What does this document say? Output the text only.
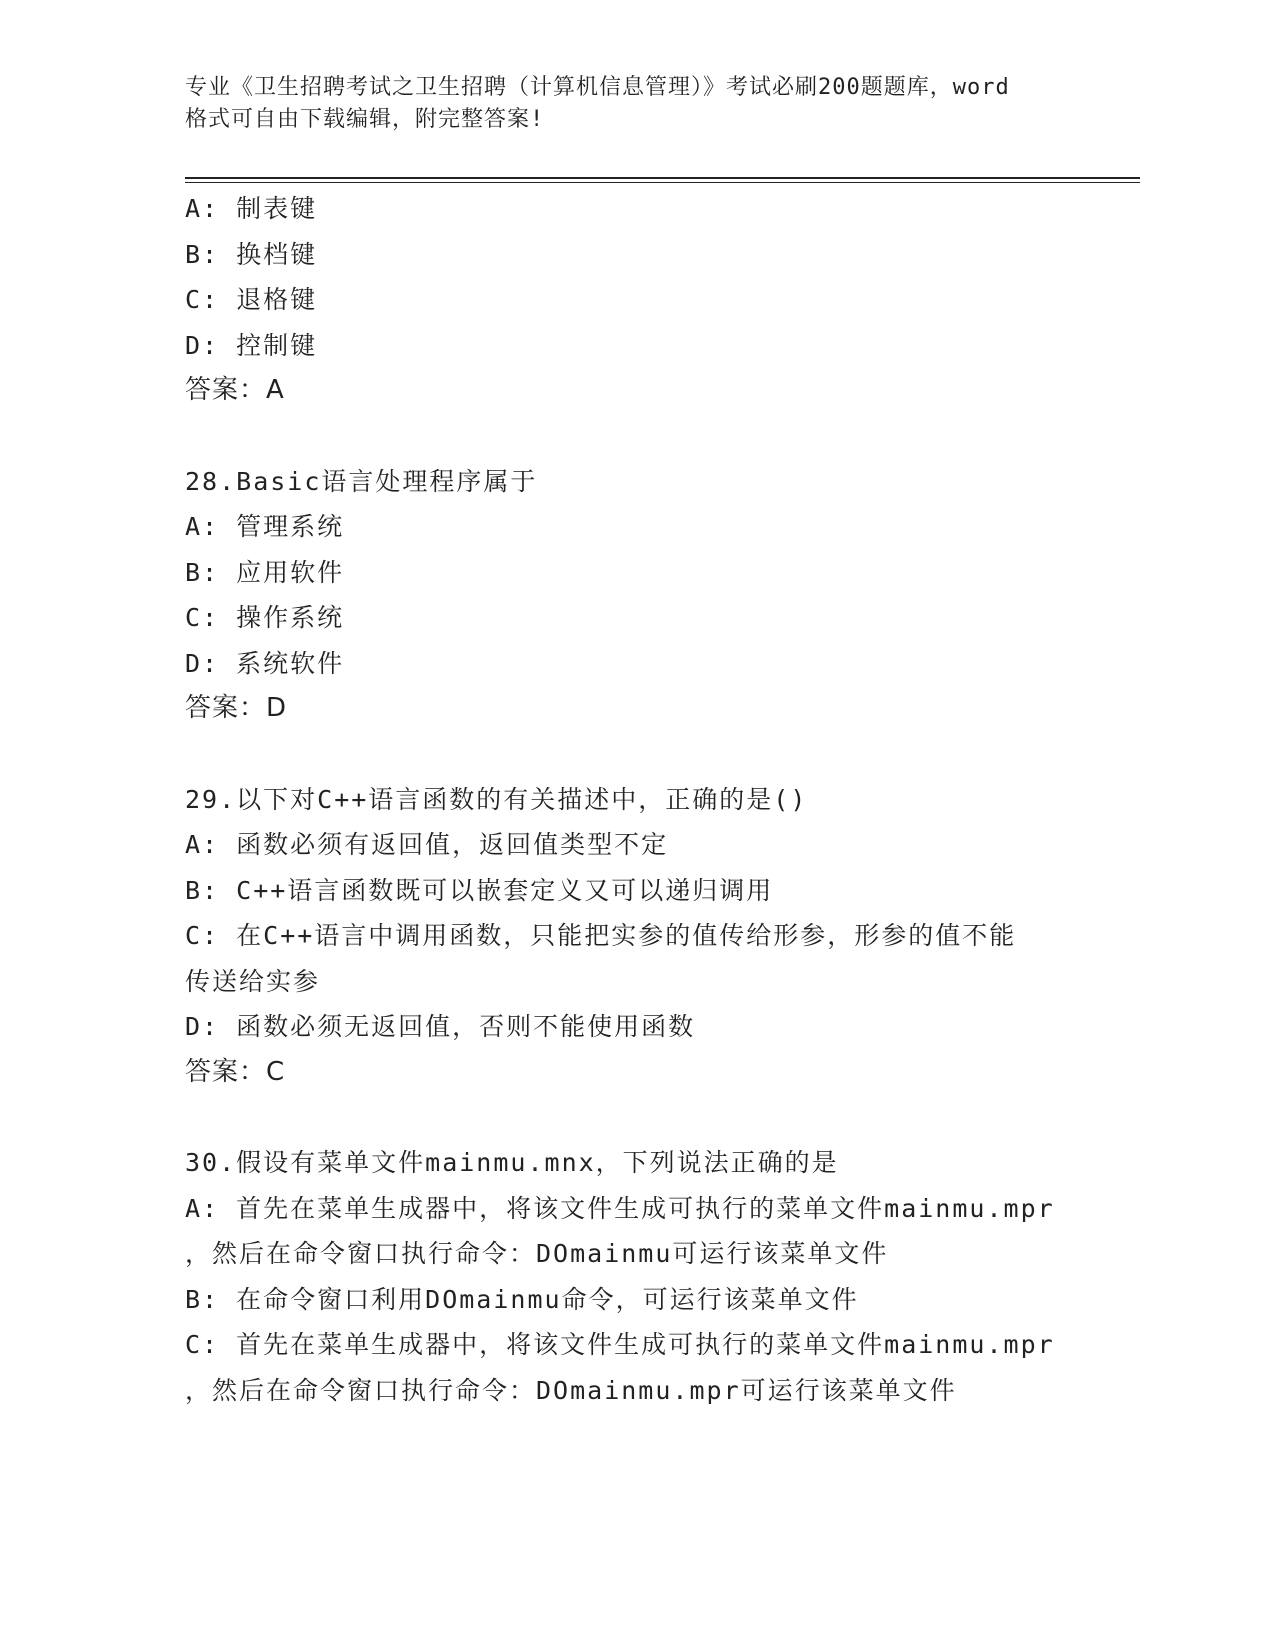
专业《卫生招聘考试之卫生招聘（计算机信息管理）》考试必刷200题题库，word
格式可自由下载编辑，附完整答案!
A: 制表键
B: 换档键
C: 退格键
D: 控制键
答案：A
28.Basic语言处理程序属于
A: 管理系统
B: 应用软件
C: 操作系统
D: 系统软件
答案：D
29.以下对C++语言函数的有关描述中，正确的是()
A: 函数必须有返回值，返回值类型不定
B: C++语言函数既可以嵌套定义又可以递归调用
C: 在C++语言中调用函数，只能把实参的值传给形参，形参的值不能
传送给实参
D: 函数必须无返回值，否则不能使用函数
答案：C
30.假设有菜单文件mainmu.mnx，下列说法正确的是
A: 首先在菜单生成器中，将该文件生成可执行的菜单文件mainmu.mpr
，然后在命令窗口执行命令：DOmainmu可运行该菜单文件
B: 在命令窗口利用DOmainmu命令，可运行该菜单文件
C: 首先在菜单生成器中，将该文件生成可执行的菜单文件mainmu.mpr
，然后在命令窗口执行命令：DOmainmu.mpr可运行该菜单文件
